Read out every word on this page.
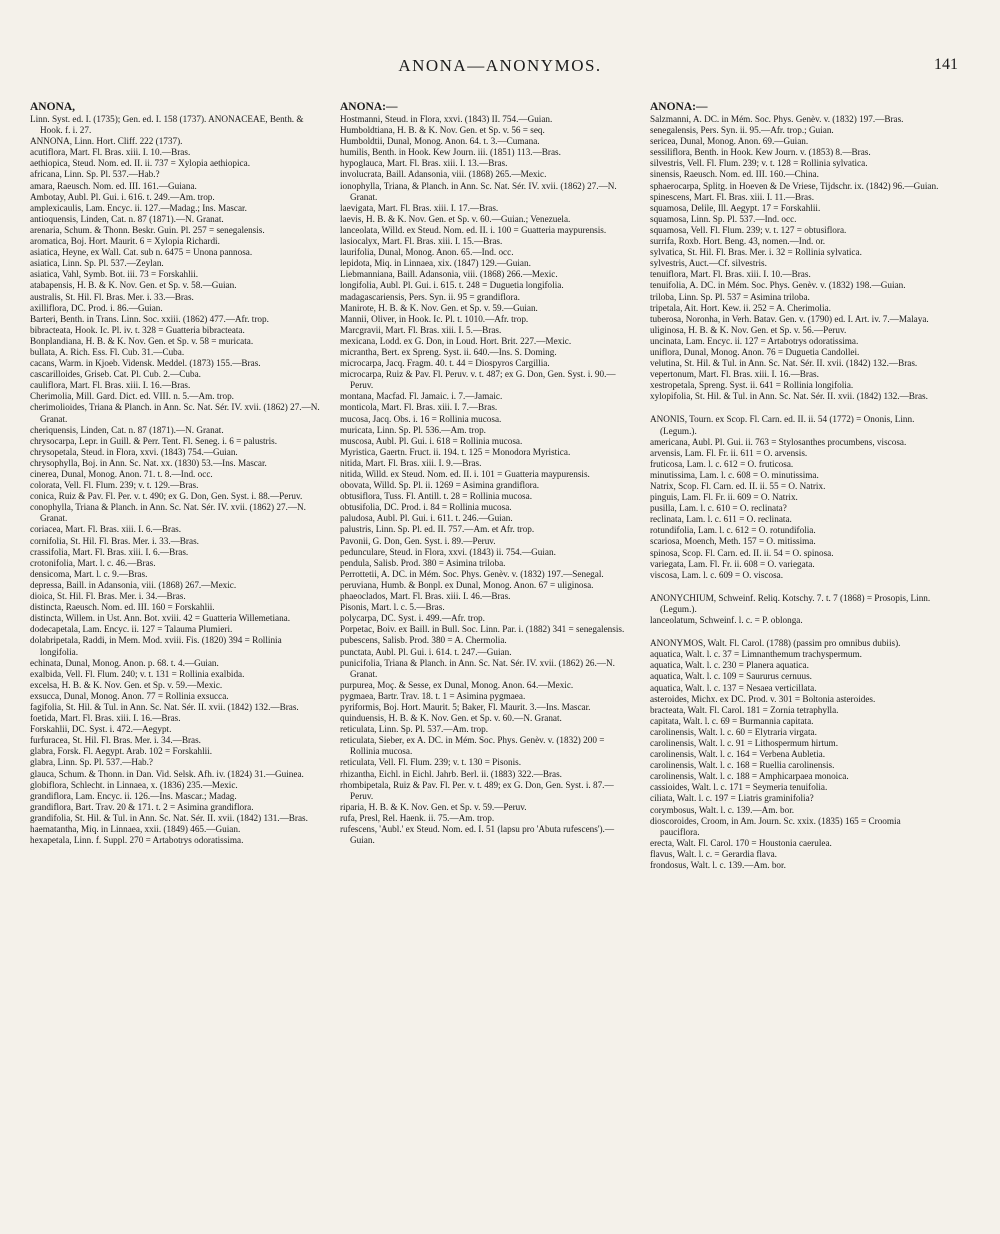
ANONA—ANONYMOS.	141
ANONA,

Linn. Syst. ed. I. (1735); Gen. ed. I. 158 (1737). ANONACEAE, Benth. & Hook. f. i. 27.

ANNONA, Linn. Hort. Cliff. 222 (1737).

acutiflora, Mart. Fl. Bras. xiii. I. 10.—Bras.

aethiopica, Steud. Nom. ed. II. ii. 737 = Xylopia aethiopica.

africana, Linn. Sp. Pl. 537.—Hab.?

amara, Raeusch. Nom. ed. III. 161.—Guiana.

Ambotay, Aubl. Pl. Gui. i. 616. t. 249.—Am. trop.

amplexicaulis, Lam. Encyc. ii. 127.—Madag.; Ins. Mascar.

antioquensis, Linden, Cat. n. 87 (1871).—N. Granat.

arenaria, Schum. & Thonn. Beskr. Guin. Pl. 257 = senegalensis.

aromatica, Boj. Hort. Maurit. 6 = Xylopia Richardi.

asiatica, Heyne, ex Wall. Cat. sub n. 6475 = Unona pannosa.

asiatica, Linn. Sp. Pl. 537.—Zeylan.

asiatica, Vahl, Symb. Bot. iii. 73 = Forskahlii.

atabapensis, H. B. & K. Nov. Gen. et Sp. v. 58.—Guian.

australis, St. Hil. Fl. Bras. Mer. i. 33.—Bras.

axilliflora, DC. Prod. i. 86.—Guian.

Barteri, Benth. in Trans. Linn. Soc. xxiii. (1862) 477.—Afr. trop.

bibracteata, Hook. Ic. Pl. iv. t. 328 = Guatteria bibracteata.

Bonplandiana, H. B. & K. Nov. Gen. et Sp. v. 58 = muricata.

bullata, A. Rich. Ess. Fl. Cub. 31.—Cuba.

cacans, Warm. in Kjoeb. Vidensk. Meddel. (1873) 155.—Bras.

cascarilloides, Griseb. Cat. Pl. Cub. 2.—Cuba.

cauliflora, Mart. Fl. Bras. xiii. I. 16.—Bras.

Cherimolia, Mill. Gard. Dict. ed. VIII. n. 5.—Am. trop.

cherimolioides, Triana & Planch. in Ann. Sc. Nat. Sér. IV. xvii. (1862) 27.—N. Granat.

cheriquensis, Linden, Cat. n. 87 (1871).—N. Granat.

chrysocarpa, Lepr. in Guill. & Perr. Tent. Fl. Seneg. i. 6 = palustris.

chrysopetala, Steud. in Flora, xxvi. (1843) 754.—Guian.

chrysophylla, Boj. in Ann. Sc. Nat. xx. (1830) 53.—Ins. Mascar.

cinerea, Dunal, Monog. Anon. 71. t. 8.—Ind. occ.

colorata, Vell. Fl. Flum. 239; v. t. 129.—Bras.

conica, Ruiz & Pav. Fl. Per. v. t. 490; ex G. Don, Gen. Syst. i. 88.—Peruv.

conophylla, Triana & Planch. in Ann. Sc. Nat. Sér. IV. xvii. (1862) 27.—N. Granat.

coriacea, Mart. Fl. Bras. xiii. I. 6.—Bras.

cornifolia, St. Hil. Fl. Bras. Mer. i. 33.—Bras.

crassifolia, Mart. Fl. Bras. xiii. I. 6.—Bras.

crotonifolia, Mart. l. c. 46.—Bras.

densicoma, Mart. l. c. 9.—Bras.

depressa, Baill. in Adansonia, viii. (1868) 267.—Mexic.

dioica, St. Hil. Fl. Bras. Mer. i. 34.—Bras.

distincta, Raeusch. Nom. ed. III. 160 = Forskahlii.

distincta, Willem. in Ust. Ann. Bot. xviii. 42 = Guatteria Willemetiana.

dodecapetala, Lam. Encyc. ii. 127 = Talauma Plumieri.

dolabripetala, Raddi, in Mem. Mod. xviii. Fis. (1820) 394 = Rollinia longifolia.

echinata, Dunal, Monog. Anon. p. 68. t. 4.—Guian.

exalbida, Vell. Fl. Flum. 240; v. t. 131 = Rollinia exalbida.

excelsa, H. B. & K. Nov. Gen. et Sp. v. 59.—Mexic.

exsucca, Dunal, Monog. Anon. 77 = Rollinia exsucca.

fagifolia, St. Hil. & Tul. in Ann. Sc. Nat. Sér. II. xvii. (1842) 132.—Bras.

foetida, Mart. Fl. Bras. xiii. I. 16.—Bras.

Forskahlii, DC. Syst. i. 472.—Aegypt.

furfuracea, St. Hil. Fl. Bras. Mer. i. 34.—Bras.

glabra, Forsk. Fl. Aegypt. Arab. 102 = Forskahlii.

glabra, Linn. Sp. Pl. 537.—Hab.?

glauca, Schum. & Thonn. in Dan. Vid. Selsk. Afh. iv. (1824) 31.—Guinea.

globiflora, Schlecht. in Linnaea, x. (1836) 235.—Mexic.

grandiflora, Lam. Encyc. ii. 126.—Ins. Mascar.; Madag.

grandiflora, Bart. Trav. 20 & 171. t. 2 = Asimina grandiflora.

grandifolia, St. Hil. & Tul. in Ann. Sc. Nat. Sér. II. xvii. (1842) 131.—Bras.

haematantha, Miq. in Linnaea, xxii. (1849) 465.—Guian.

hexapetala, Linn. f. Suppl. 270 = Artabotrys odoratissima.

ANONA:—

Hostmanni, Steud. in Flora, xxvi. (1843) II. 754.—Guian.

Humboldtiana, H. B. & K. Nov. Gen. et Sp. v. 56 = seq.

Humboldtii, Dunal, Monog. Anon. 64. t. 3.—Cumana.

humilis, Benth. in Hook. Kew Journ. iii. (1851) 113.—Bras.

hypoglauca, Mart. Fl. Bras. xiii. I. 13.—Bras.

involucrata, Baill. Adansonia, viii. (1868) 265.—Mexic.

ionophylla, Triana, & Planch. in Ann. Sc. Nat. Sér. IV. xvii. (1862) 27.—N. Granat.

laevigata, Mart. Fl. Bras. xiii. I. 17.—Bras.

laevis, H. B. & K. Nov. Gen. et Sp. v. 60.—Guian.; Venezuela.

lanceolata, Willd. ex Steud. Nom. ed. II. i. 100 = Guatteria maypurensis.

lasiocalyx, Mart. Fl. Bras. xiii. I. 15.—Bras.

laurifolia, Dunal, Monog. Anon. 65.—Ind. occ.

lepidota, Miq. in Linnaea, xix. (1847) 129.—Guian.

Liebmanniana, Baill. Adansonia, viii. (1868) 266.—Mexic.

longifolia, Aubl. Pl. Gui. i. 615. t. 248 = Duguetia longifolia.

madagascariensis, Pers. Syn. ii. 95 = grandiflora.

Manirote, H. B. & K. Nov. Gen. et Sp. v. 59.—Guian.

Mannii, Oliver, in Hook. Ic. Pl. t. 1010.—Afr. trop.

Marcgravii, Mart. Fl. Bras. xiii. I. 5.—Bras.

mexicana, Lodd. ex G. Don, in Loud. Hort. Brit. 227.—Mexic.

micrantha, Bert. ex Spreng. Syst. ii. 640.—Ins. S. Doming.

microcarpa, Jacq. Fragm. 40. t. 44 = Diospyros Cargillia.

microcarpa, Ruiz & Pav. Fl. Peruv. v. t. 487; ex G. Don, Gen. Syst. i. 90.—Peruv.

montana, Macfad. Fl. Jamaic. i. 7.—Jamaic.

monticola, Mart. Fl. Bras. xiii. I. 7.—Bras.

mucosa, Jacq. Obs. i. 16 = Rollinia mucosa.

muricata, Linn. Sp. Pl. 536.—Am. trop.

muscosa, Aubl. Pl. Gui. i. 618 = Rollinia mucosa.

Myristica, Gaertn. Fruct. ii. 194. t. 125 = Monodora Myristica.

nitida, Mart. Fl. Bras. xiii. I. 9.—Bras.

nitida, Willd. ex Steud. Nom. ed. II. i. 101 = Guatteria maypurensis.

obovata, Willd. Sp. Pl. ii. 1269 = Asimina grandiflora.

obtusiflora, Tuss. Fl. Antill. t. 28 = Rollinia mucosa.

obtusifolia, DC. Prod. i. 84 = Rollinia mucosa.

paludosa, Aubl. Pl. Gui. i. 611. t. 246.—Guian.

palustris, Linn. Sp. Pl. ed. II. 757.—Am. et Afr. trop.

Pavonii, G. Don, Gen. Syst. i. 89.—Peruv.

pedunculare, Steud. in Flora, xxvi. (1843) ii. 754.—Guian.

pendula, Salisb. Prod. 380 = Asimina triloba.

Perrottetii, A. DC. in Mém. Soc. Phys. Genèv. v. (1832) 197.—Senegal.

peruviana, Humb. & Bonpl. ex Dunal, Monog. Anon. 67 = uliginosa.

phaeoclados, Mart. Fl. Bras. xiii. I. 46.—Bras.

Pisonis, Mart. l. c. 5.—Bras.

polycarpa, DC. Syst. i. 499.—Afr. trop.

Porpetac, Boiv. ex Baill. in Bull. Soc. Linn. Par. i. (1882) 341 = senegalensis.

pubescens, Salisb. Prod. 380 = A. Chermolia.

punctata, Aubl. Pl. Gui. i. 614. t. 247.—Guian.

punicifolia, Triana & Planch. in Ann. Sc. Nat. Sér. IV. xvii. (1862) 26.—N. Granat.

purpurea, Moç. & Sesse, ex Dunal, Monog. Anon. 64.—Mexic.

pygmaea, Bartr. Trav. 18. t. 1 = Asimina pygmaea.

pyriformis, Boj. Hort. Maurit. 5; Baker, Fl. Maurit. 3.—Ins. Mascar.

quinduensis, H. B. & K. Nov. Gen. et Sp. v. 60.—N. Granat.

reticulata, Linn. Sp. Pl. 537.—Am. trop.

reticulata, Sieber, ex A. DC. in Mém. Soc. Phys. Genèv. v. (1832) 200 = Rollinia mucosa.

reticulata, Vell. Fl. Flum. 239; v. t. 130 = Pisonis.

rhizantha, Eichl. in Eichl. Jahrb. Berl. ii. (1883) 322.—Bras.

rhombipetala, Ruiz & Pav. Fl. Per. v. t. 489; ex G. Don, Gen. Syst. i. 87.—Peruv.

riparia, H. B. & K. Nov. Gen. et Sp. v. 59.—Peruv.

rufa, Presl, Rel. Haenk. ii. 75.—Am. trop.

rufescens, 'Aubl.' ex Steud. Nom. ed. I. 51 (lapsu pro 'Abuta rufescens').—Guian.

ANONA:—

Salzmanni, A. DC. in Mém. Soc. Phys. Genèv. v. (1832) 197.—Bras.

senegalensis, Pers. Syn. ii. 95.—Afr. trop.; Guian.

sericea, Dunal, Monog. Anon. 69.—Guian.

sessiliflora, Benth. in Hook. Kew Journ. v. (1853) 8.—Bras.

silvestris, Vell. Fl. Flum. 239; v. t. 128 = Rollinia sylvatica.

sinensis, Raeusch. Nom. ed. III. 160.—China.

sphaerocarpa, Splitg. in Hoeven & De Vriese, Tijdschr. ix. (1842) 96.—Guian.

spinescens, Mart. Fl. Bras. xiii. I. 11.—Bras.

squamosa, Delile, Ill. Aegypt. 17 = Forskahlii.

squamosa, Linn. Sp. Pl. 537.—Ind. occ.

squamosa, Vell. Fl. Flum. 239; v. t. 127 = obtusiflora.

surrifa, Roxb. Hort. Beng. 43, nomen.—Ind. or.

sylvatica, St. Hil. Fl. Bras. Mer. i. 32 = Rollinia sylvatica.

sylvestris, Auct.—Cf. silvestris.

tenuiflora, Mart. Fl. Bras. xiii. I. 10.—Bras.

tenuifolia, A. DC. in Mém. Soc. Phys. Genèv. v. (1832) 198.—Guian.

triloba, Linn. Sp. Pl. 537 = Asimina triloba.

tripetala, Ait. Hort. Kew. ii. 252 = A. Cherimolia.

tuberosa, Noronha, in Verh. Batav. Gen. v. (1790) ed. I. Art. iv. 7.—Malaya.

uliginosa, H. B. & K. Nov. Gen. et Sp. v. 56.—Peruv.

uncinata, Lam. Encyc. ii. 127 = Artabotrys odoratissima.

uniflora, Dunal, Monog. Anon. 76 = Duguetia Candollei.

velutina, St. Hil. & Tul. in Ann. Sc. Nat. Sér. II. xvii. (1842) 132.—Bras.

vepertonum, Mart. Fl. Bras. xiii. I. 16.—Bras.

xestropetala, Spreng. Syst. ii. 641 = Rollinia longifolia.

xylopifolia, St. Hil. & Tul. in Ann. Sc. Nat. Sér. II. xvii. (1842) 132.—Bras.

ANONIS, Tourn. ex Scop. Fl. Carn. ed. II. ii. 54 (1772) = Ononis, Linn. (Legum.).

americana, Aubl. Pl. Gui. ii. 763 = Stylosanthes procumbens, viscosa.

arvensis, Lam. Fl. Fr. ii. 611 = O. arvensis.

fruticosa, Lam. l. c. 612 = O. fruticosa.

minutissima, Lam. l. c. 608 = O. minutissima.

Natrix, Scop. Fl. Carn. ed. II. ii. 55 = O. Natrix.

pinguis, Lam. Fl. Fr. ii. 609 = O. Natrix.

pusilla, Lam. l. c. 610 = O. reclinata?

reclinata, Lam. l. c. 611 = O. reclinata.

rotundifolia, Lam. l. c. 612 = O. rotundifolia.

scariosa, Moench, Meth. 157 = O. mitissima.

spinosa, Scop. Fl. Carn. ed. II. ii. 54 = O. spinosa.

variegata, Lam. Fl. Fr. ii. 608 = O. variegata.

viscosa, Lam. l. c. 609 = O. viscosa.

ANONYCHIUM, Schweinf. Reliq. Kotschy. 7. t. 7 (1868) = Prosopis, Linn. (Legum.).

lanceolatum, Schweinf. l. c. = P. oblonga.

ANONYMOS, Walt. Fl. Carol. (1788) (passim pro omnibus dubiis).

aquatica, Walt. l. c. 37 = Limnanthemum trachyspermum.

aquatica, Walt. l. c. 230 = Planera aquatica.

aquatica, Walt. l. c. 109 = Saururus cernuus.

aquatica, Walt. l. c. 137 = Nesaea verticillata.

asteroides, Michx. ex DC. Prod. v. 301 = Boltonia asteroides.

bracteata, Walt. Fl. Carol. 181 = Zornia tetraphylla.

capitata, Walt. l. c. 69 = Burmannia capitata.

carolinensis, Walt. l. c. 60 = Elytraria virgata.

carolinensis, Walt. l. c. 91 = Lithospermum hirtum.

carolinensis, Walt. l. c. 164 = Verbena Aubletia.

carolinensis, Walt. l. c. 168 = Ruellia carolinensis.

carolinensis, Walt. l. c. 188 = Amphicarpaea monoica.

cassioides, Walt. l. c. 171 = Seymeria tenuifolia.

ciliata, Walt. l. c. 197 = Liatris graminifolia?

corymbosus, Walt. l. c. 139.—Am. bor.

dioscoroides, Croom, in Am. Journ. Sc. xxix. (1835) 165 = Croomia pauciflora.

erecta, Walt. Fl. Carol. 170 = Houstonia caerulea.

flavus, Walt. l. c. = Gerardia flava.

frondosus, Walt. l. c. 139.—Am. bor.
